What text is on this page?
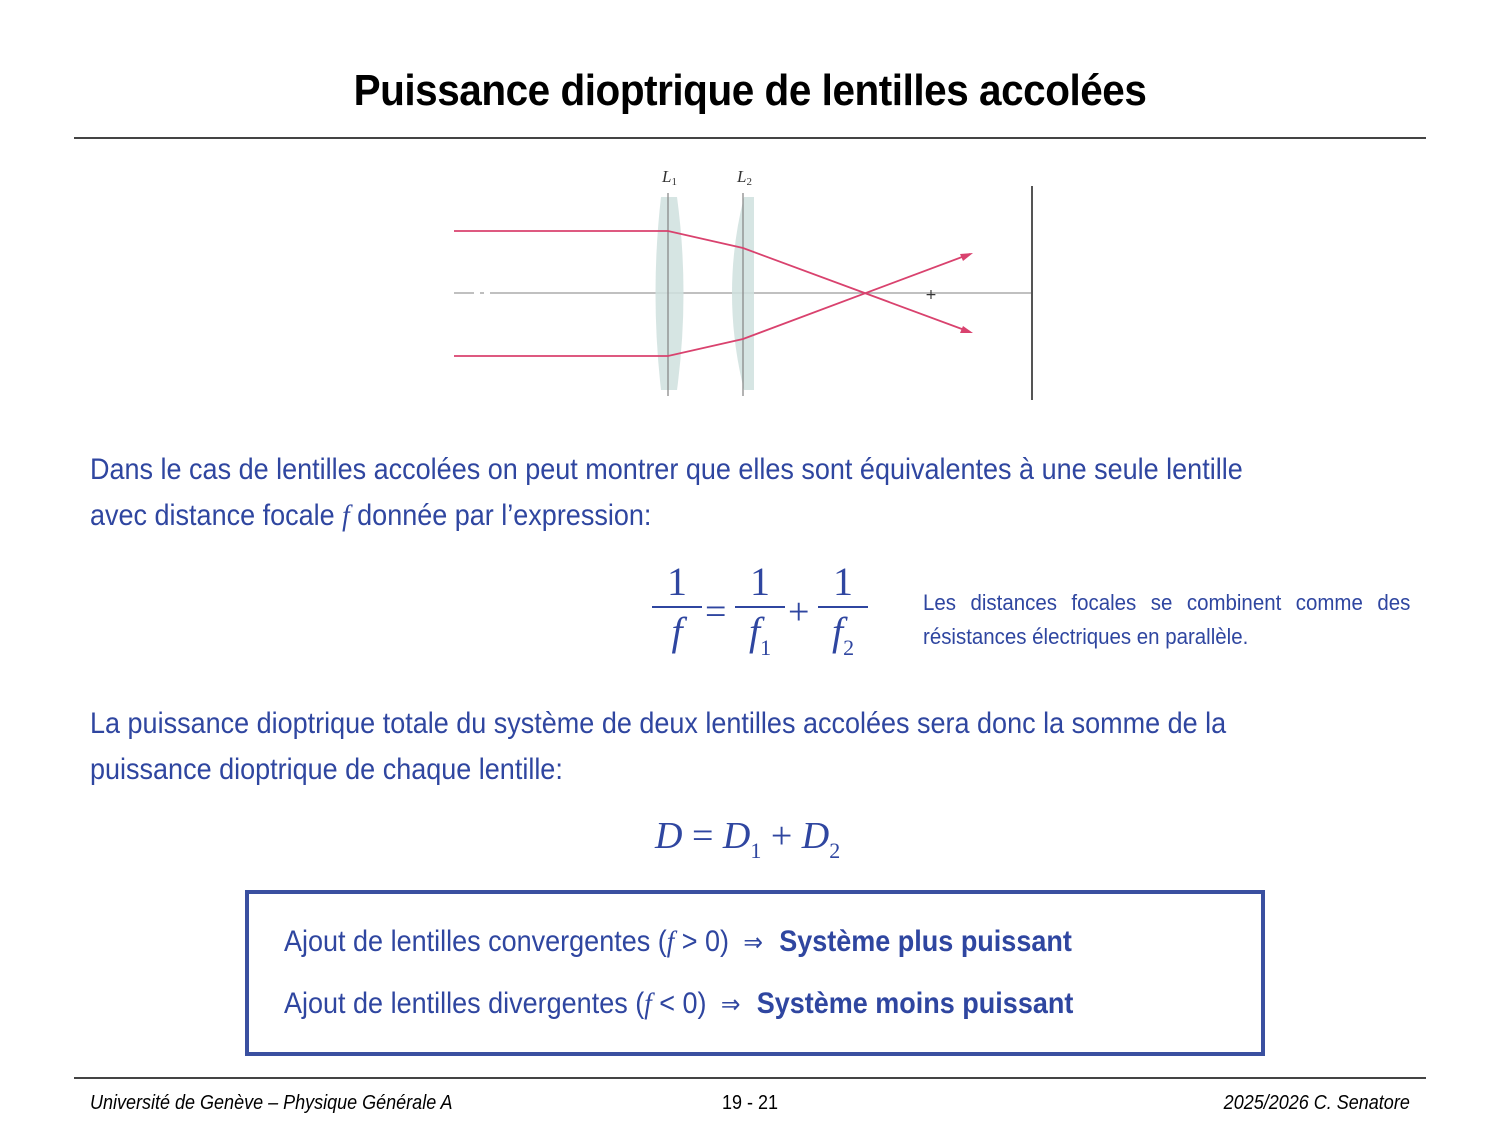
Puissance dioptrique de lentilles accolées
+
L1	L2
Dans le cas de lentilles accolées on peut montrer que elles sont équivalentes à une seule lentille avec distance focale f donnée par l’expression:
1
f =
1
$f_1$
+
1
$f_2$
Les distances focales se combinent comme des résistances électriques en parallèle.
La puissance dioptrique totale du système de deux lentilles accolées sera donc la somme de la puissance dioptrique de chaque lentille:
$D = D_1 + D_2$
Ajout de lentilles convergentes (f > 0) ⇒ Système plus puissant
Ajout de lentilles divergentes (f < 0) ⇒ Système moins puissant
Université de Genève – Physique Générale A	19 - 21	2025/2026 C. Senatore
